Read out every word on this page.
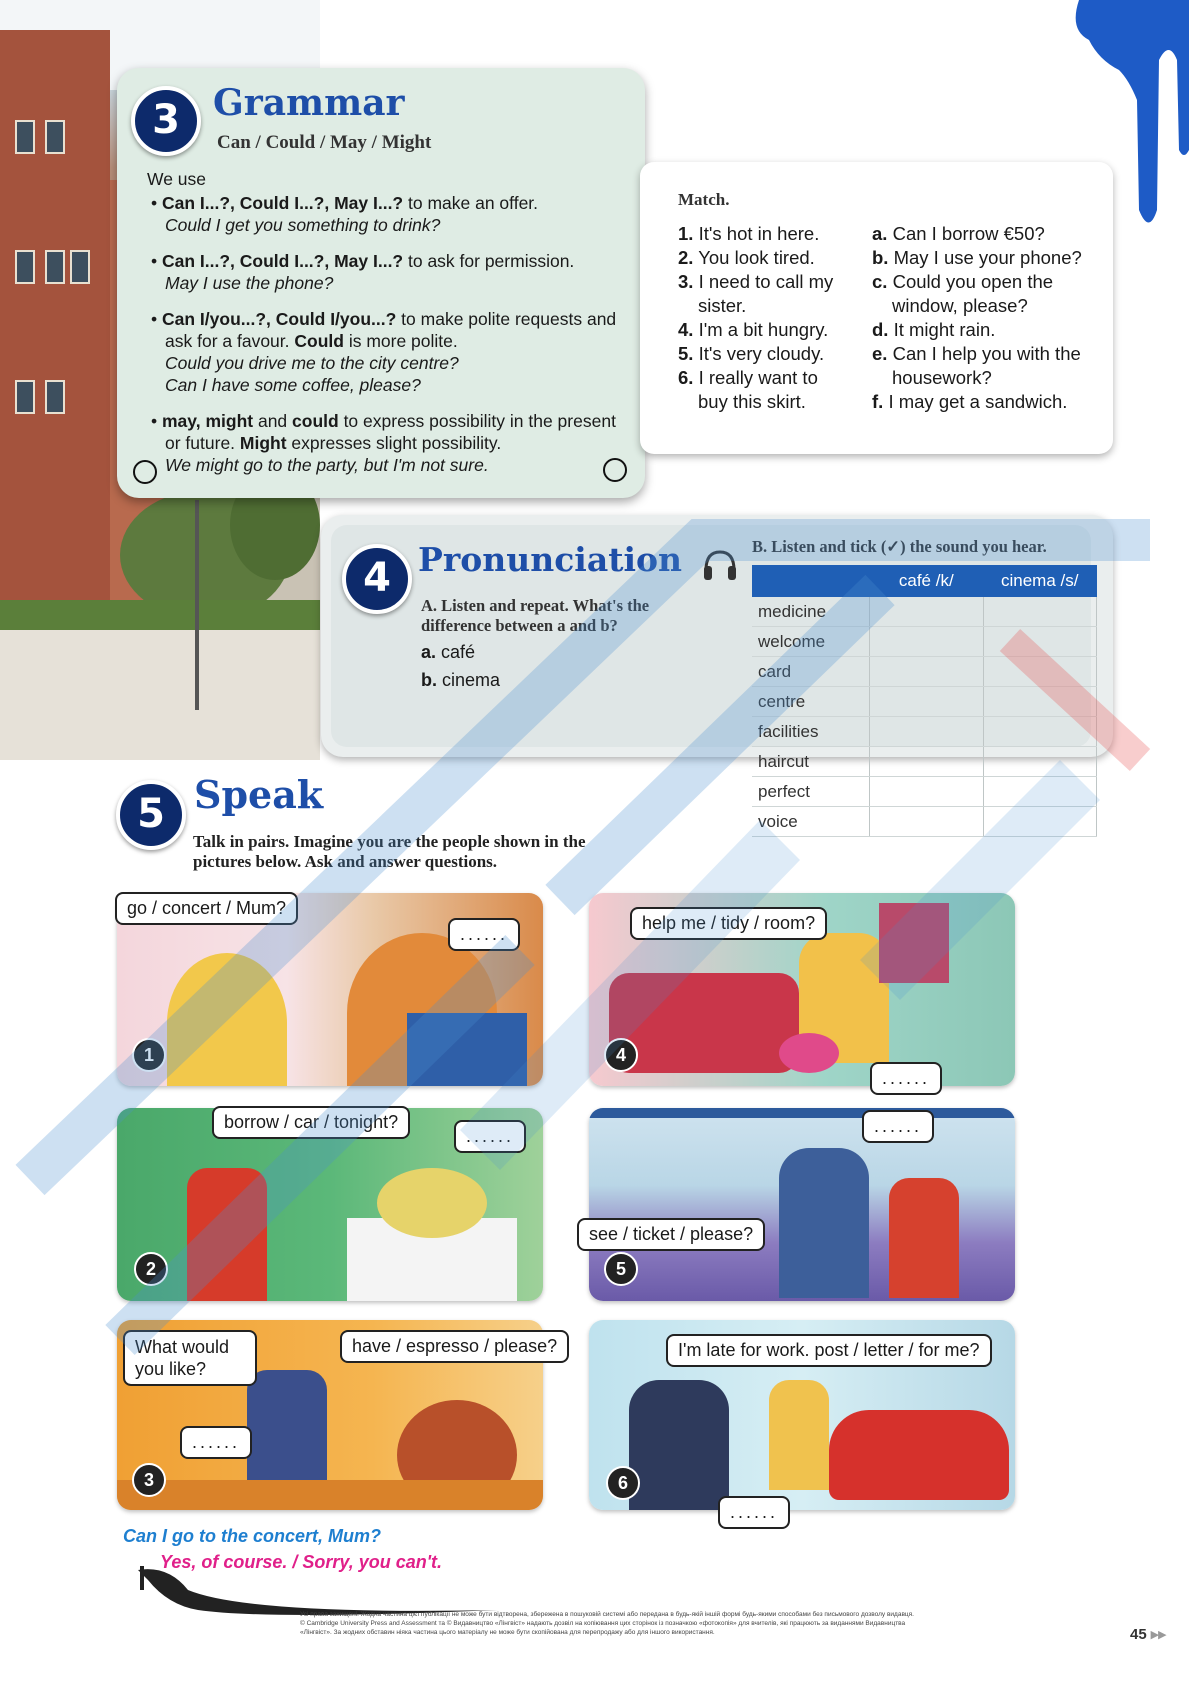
3 Grammar
Can / Could / May / Might
We use
• Can I...?, Could I...?, May I...? to make an offer.
Could I get you something to drink?
• Can I...?, Could I...?, May I...? to ask for permission.
May I use the phone?
• Can I/you...?, Could I/you...? to make polite requests and ask for a favour. Could is more polite.
Could you drive me to the city centre?
Can I have some coffee, please?
• may, might and could to express possibility in the present or future. Might expresses slight possibility.
We might go to the party, but I'm not sure.
Match.
1. It's hot in here.
2. You look tired.
3. I need to call my sister.
4. I'm a bit hungry.
5. It's very cloudy.
6. I really want to buy this skirt.
a. Can I borrow €50?
b. May I use your phone?
c. Could you open the window, please?
d. It might rain.
e. Can I help you with the housework?
f. I may get a sandwich.
4 Pronunciation
A. Listen and repeat. What's the difference between a and b?
a. café
b. cinema
B. Listen and tick (✓) the sound you hear.
	café /k/	cinema /s/
medicine		
welcome		
card		
centre		
facilities		
haircut		
perfect		
voice		
5 Speak
Talk in pairs. Imagine you are the people shown in the pictures below. Ask and answer questions.
go / concert / Mum?
......
1
borrow / car / tonight?
......
2
What would you like?
have / espresso / please?
......
3
help me / tidy / room?
......
4
......
see / ticket / please?
5
I'm late for work. post / letter / for me?
......
6
Can I go to the concert, Mum?
Yes, of course. / Sorry, you can't.
Усі права захищені. Жодна частина цієї публікації не може бути відтворена, збережена в пошуковій системі або передана в будь-якій іншій формі будь-якими способами без письмового дозволу видавця. © Cambridge University Press and Assessment та © Видавництво «Лінгвіст» надають дозвіл на копіювання цих сторінок із позначкою «фотокопія» для вчителів, які працюють за виданнями Видавництва «Лінгвіст». За жодних обставин ніяка частина цього матеріалу не може бути скопійована для перепродажу або для іншого використання.	45 ▸▸
